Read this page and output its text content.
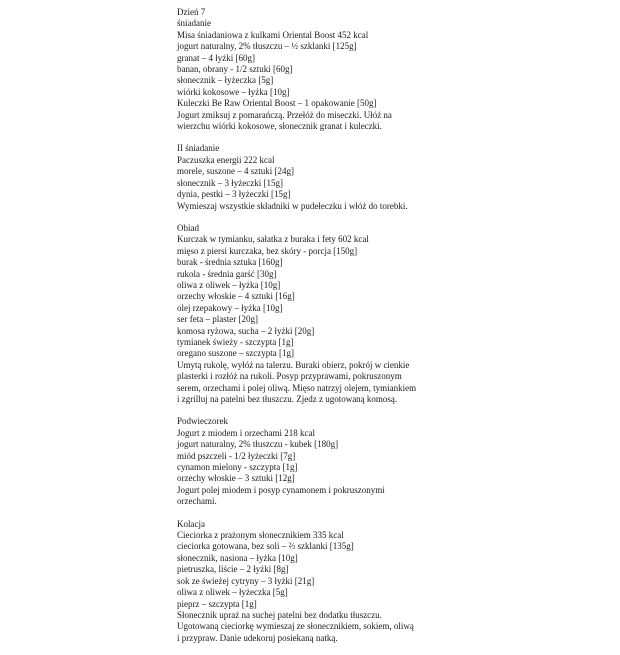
Dzień 7
śniadanie
Misa śniadaniowa z kulkami Oriental Boost 452 kcal
jogurt naturalny, 2% tłuszczu – ½ szklanki [125g]
granat – 4 łyżki [60g]
banan, obrany - 1/2 sztuki [60g]
słonecznik – łyżeczka [5g]
wiórki kokosowe – łyżka [10g]
Kuleczki Be Raw Oriental Boost – 1 opakowanie [50g]
Jogurt zmiksuj z pomarańczą. Przełóż do miseczki. Ułóż na wierzchu wiórki kokosowe, słonecznik granat i kuleczki.
II śniadanie
Paczuszka energii 222 kcal
morele, suszone – 4 sztuki [24g]
słonecznik – 3 łyżeczki [15g]
dynia, pestki – 3 łyżeczki [15g]
Wymieszaj wszystkie składniki w pudełeczku i włóż do torebki.
Obiad
Kurczak w tymianku, sałatka z buraka i fety 602 kcal
mięso z piersi kurczaka, bez skóry - porcja [150g]
burak - średnia sztuka [160g]
rukola - średnia garść [30g]
oliwa z oliwek – łyżka [10g]
orzechy włoskie – 4 sztuki [16g]
olej rzepakowy – łyżka [10g]
ser feta – plaster [20g]
komosa ryżowa, sucha – 2 łyżki [20g]
tymianek świeży - szczypta [1g]
oregano suszone – szczypta [1g]
Umytą rukolę, wyłóż na talerzu. Buraki obierz, pokrój w cienkie plasterki i rozłóż na rukoli. Posyp przyprawami, pokruszonym serem, orzechami i polej oliwą. Mięso natrzyj olejem, tymiankiem i zgrilluj na patelni bez tłuszczu. Zjedz z ugotowaną komosą.
Podwieczorek
Jogurt z miodem i orzechami 218 kcal
jogurt naturalny, 2% tłuszczu - kubek [180g]
miód pszczeli - 1/2 łyżeczki [7g]
cynamon mielony - szczypta [1g]
orzechy włoskie – 3 sztuki [12g]
Jogurt polej miodem i posyp cynamonem i pokruszonymi orzechami.
Kolacja
Cieciorka z prażonym słonecznikiem 335 kcal
cieciorka gotowana, bez soli – ⅔ szklanki [135g]
słonecznik, nasiona – łyżka [10g]
pietruszka, liście – 2 łyżki [8g]
sok ze świeżej cytryny – 3 łyżki [21g]
oliwa z oliwek – łyżeczka [5g]
pieprz – szczypta [1g]
Słonecznik upraż na suchej patelni bez dodatku tłuszczu. Ugotowaną cieciorkę wymieszaj ze słonecznikiem, sokiem, oliwą i przypraw. Danie udekoruj posiekaną natką.
